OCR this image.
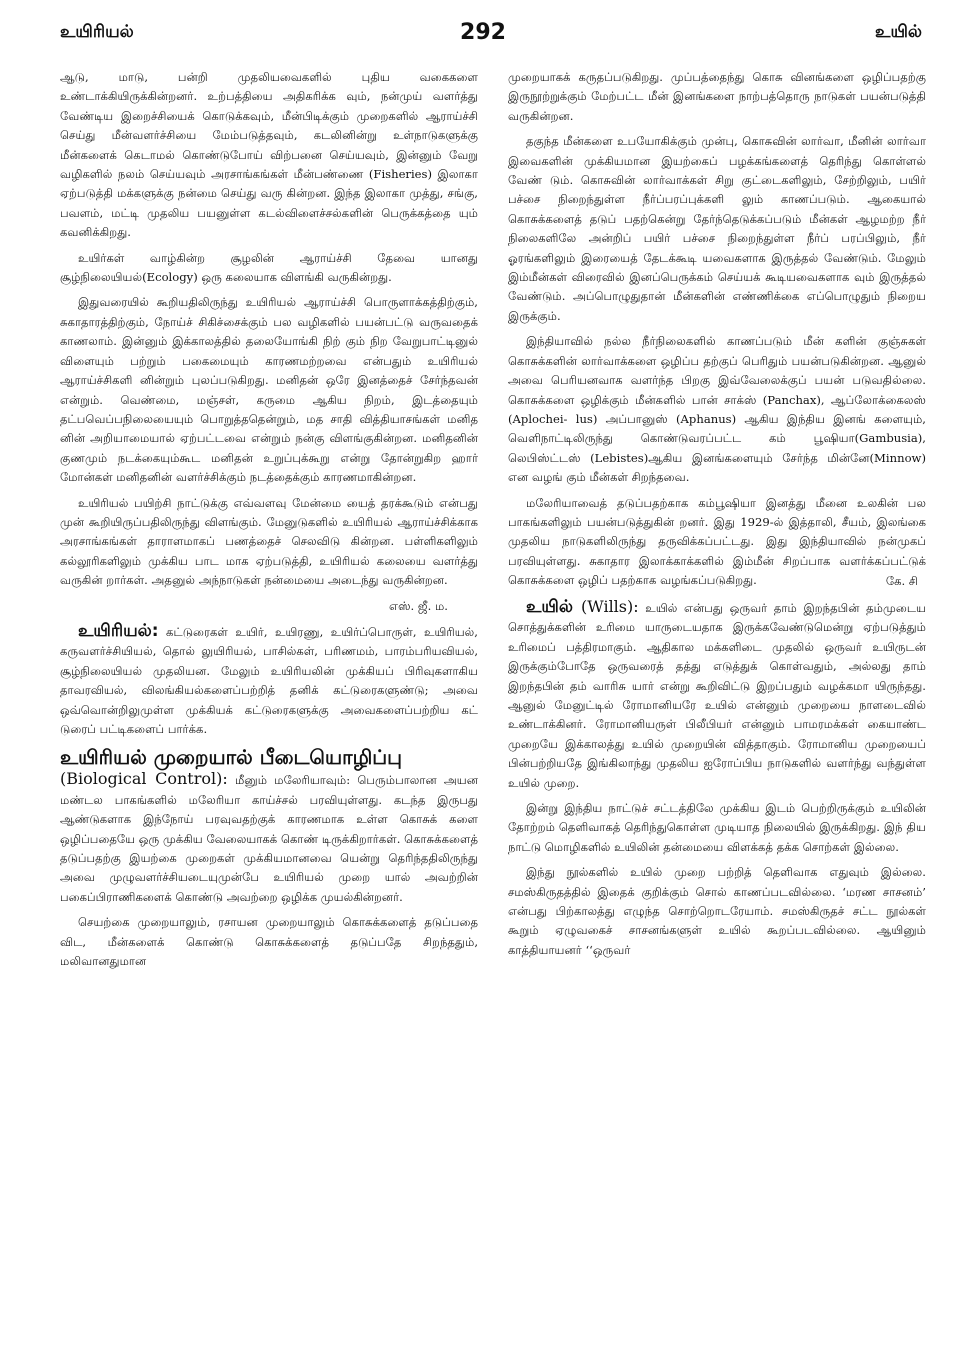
உயிரியல்	292	உயில்

ஆடு, மாடு, பன்றி முதலியவைகளில் புதிய வகைகளை உண்டாக்கியிருக்கின்றனர். உற்பத்தியை அதிகரிக்க வும், நன்முய் வளர்த்து வேண்டிய இறைச்சியைக் கொடுக்கவும், மீன்பிடிக்கும் முறைகளில் ஆராய்ச்சி செய்து மீன்வளர்ச்சியை மேம்படுத்தவும், கடலினின்று உள்நாடுகளுக்கு மீன்களைக் கெடாமல் கொண்டுபோய் விற்பனை செய்யவும், இன்னும் வேறு வழிகளில் நலம் செய்யவும் அரசாங்கங்கள் மீன்பண்ணை (Fisheries) இலாகா ஏற்படுத்தி மக்களுக்கு நன்மை செய்து வரு கின்றன. இந்த இலாகா முத்து, சங்கு, பவளம், மட்டி முதலிய பயனுள்ள கடல்விளைச்சல்களின் பெருக்கத்தை யும் கவனிக்கிறது.

உயிர்கள் வாழ்கின்ற சூழலின் ஆராய்ச்சி தேவை யானது சூழ்நிலையியல்(Ecology) ஒரு கலையாக விளங்கி வருகின்றது.

இதுவரையில் கூறியதிலிருந்து உயிரியல் ஆராய்ச்சி பொருளாக்கத்திற்கும், சுகாதாரத்திற்கும், நோய்ச் சிகிச்சைக்கும் பல வழிகளில் பயன்பட்டு வருவதைக் காணலாம். இன்னும் இக்காலத்தில் தலையோங்கி நிற் கும் நிற வேறுபாட்டினுல் விளையும் பற்றும் பகைமையும் காரணமற்றவை என்பதும் உயிரியல் ஆராய்ச்சிகளி னின்றும் புலப்படுகிறது. மனிதன் ஒரே இனத்தைச் சேர்ந்தவன் என்றும். வெண்மை, மஞ்சள், கருமை ஆகிய நிறம், இடத்தையும் தட்பவெப்பநிலையையும் பொறுத்ததென்றும், மத சாதி வித்தியாசங்கள் மனித னின் அறியாமையால் ஏற்பட்டவை என்றும் நன்கு விளங்குகின்றன. மனிதனின் குணமும் நடக்கையும்கூட மனிதன் உறுப்புக்கூறு என்று தோன்றுகிற ஹார் மோன்கள் மனிதனின் வளர்ச்சிக்கும் நடத்தைக்கும் காரணமாகின்றன.

உயிரியல் பயிற்சி நாட்டுக்கு எவ்வளவு மேன்மை யைத் தரக்கூடும் என்பது முன் கூறியிருப்பதிலிருந்து விளங்கும். மேனுடுகளில் உயிரியல் ஆராய்ச்சிக்காக அரசாங்கங்கள் தாராளமாகப் பணத்தைச் செலவிடு கின்றன. பள்ளிகளிலும் கல்லூரிகளிலும் முக்கிய பாட மாக ஏற்படுத்தி, உயிரியல் கலையை வளர்த்து வருகின் றார்கள். அதனுல் அந்நாடுகள் நன்மையை அடைந்து வருகின்றன.

எஸ். ஜீ. ம.

உயிரியல்: கட்டுரைகள் உயிர், உயிரணு, உயிர்ப்பொருள், உயிரியல், கருவளர்ச்சியியல், தொல் லுயிரியல், பாசில்கள், பரிணமம், பாரம்பரியவியல், சூழ்நிலையியல் முதலியன. மேலும் உயிரியலின் முக்கியப் பிரிவுகளாகிய தாவரவியல், விலங்கியல்களைப்பற்றித் தனிக் கட்டுரைகளுண்டு; அவை ஒவ்வொன்றிலுமுள்ள முக்கியக் கட்டுரைகளுக்கு அவைகளைப்பற்றிய கட் டுரைப் பட்டிகளைப் பார்க்க.

உயிரியல் முறையால் பீடையொழிப்பு
(Biological Control): மீனும் மலேரியாவும்: பெரும்பாலான அயன மண்டல பாகங்களில் மலேரியா காய்ச்சல் பரவியுள்ளது. கடந்த இருபது ஆண்டுகளாக இந்நோய் பரவுவதற்குக் காரணமாக உள்ள கொசுக் களை ஒழிப்பதையே ஒரு முக்கிய வேலையாகக் கொண் டிருக்கிறார்கள். கொசுக்களைத் தடுப்பதற்கு இயற்கை முறைகள் முக்கியமானவை யென்று தெரிந்ததிலிருந்து அவை முழுவளர்ச்சியடையுமுன்பே உயிரியல் முறை யால் அவற்றின் பகைப்பிராணிகளைக் கொண்டு அவற்றை ஒழிக்க முயல்கின்றனர்.

செயற்கை முறையாலும், ரசாயன முறையாலும் கொசுக்களைத் தடுப்பதை விட, மீன்களைக் கொண்டு கொசுக்களைத் தடுப்பதே சிறந்ததும், மலிவானதுமான

முறையாகக் கருதப்படுகிறது. முப்பத்தைந்து கொசு வினங்களை ஒழிப்பதற்கு இருநூற்றுக்கும் மேற்பட்ட மீன் இனங்களை நாற்பத்தொரு நாடுகள் பயன்படுத்தி வருகின்றன.

தகுந்த மீன்களை உபயோகிக்கும் முன்பு, கொசுவின் லார்வா, மீனின் லார்வா இவைகளின் முக்கியமான இயற்கைப் பழக்கங்களைத் தெரிந்து கொள்ளல் வேண் டும். கொசுவின் லார்வாக்கள் சிறு குட்டைகளிலும், சேற்றிலும், பயிர் பச்சை நிறைந்துள்ள நீர்ப்பரப்புக்களி லும் காணப்படும். ஆகையால் கொசுக்களைத் தடுப் பதற்கென்று தேர்ந்தெடுக்கப்படும் மீன்கள் ஆழமற்ற நீர் நிலைகளிலே அன்றிப் பயிர் பச்சை நிறைந்துள்ள நீர்ப் பரப்பிலும், நீர் ஓரங்களிலும் இரையைத் தேடக்கூடி யவைகளாக இருத்தல் வேண்டும். மேலும் இம்மீன்கள் விரைவில் இனப்பெருக்கம் செய்யக் கூடியவைகளாக வும் இருத்தல் வேண்டும். அப்பொழுதுதான் மீன்களின் எண்ணிக்கை எப்பொழுதும் நிறைய இருக்கும்.

இந்தியாவில் நல்ல நீர்நிலைகளில் காணப்படும் மீன் களின் குஞ்சுகள் கொசுக்களின் லார்வாக்களை ஒழிப்ப தற்குப் பெரிதும் பயன்படுகின்றன. ஆனுல் அவை பெரியனவாக வளர்ந்த பிறகு இவ்வேலைக்குப் பயன் படுவதில்லை. கொசுக்களை ஒழிக்கும் மீன்களில் பான் சாக்ஸ் (Panchax), ஆப்லோக்கைலஸ் (Aplochei- lus) அப்பானுஸ் (Aphanus) ஆகிய இந்திய இனங் களையும், வெளிநாட்டிலிருந்து கொண்டுவரப்பட்ட கம் பூஷியா(Gambusia), லெபிஸ்ட்டஸ் (Lebistes)ஆகிய இனங்களையும் சேர்ந்த மின்னே(Minnow) என வழங் கும் மீன்கள் சிறந்தவை.

மலேரியாவைத் தடுப்பதற்காக கம்பூஷியா இனத்து மீனை உலகின் பல பாகங்களிலும் பயன்படுத்துகின் றனர். இது 1929-ல் இத்தாலி, சீயம், இலங்கை முதலிய நாடுகளிலிருந்து தருவிக்கப்பட்டது. இது இந்தியாவில் நன்முகப் பரவியுள்ளது. சுகாதார இலாக்காக்களில் இம்மீன் சிறப்பாக வளர்க்கப்பட்டுக் கொசுக்களை ஒழிப் பதற்காக வழங்கப்படுகிறது.	கே. சி

உயில் (Wills): உயில் என்பது ஒருவர் தாம் இறந்தபின் தம்முடைய சொத்துக்களின் உரிமை யாருடையதாக இருக்கவேண்டுமென்று ஏற்படுத்தும் உரிமைப் பத்திரமாகும். ஆதிகால மக்களிடை முதலில் ஒருவர் உயிருடன் இருக்கும்போதே ஒருவரைத் தத்து எடுத்துக் கொள்வதும், அல்லது தாம் இறந்தபின் தம் வாரிசு யார் என்று கூறிவிட்டு இறப்பதும் வழக்கமா யிருந்தது. ஆனுல் மேனுட்டில் ரோமானியரே உயில் என்னும் முறையை நாளடைவில் உண்டாக்கினர். ரோமானியருள் பிலீபியர் என்னும் பாமரமக்கள் கையாண்ட முறையே இக்காலத்து உயில் முறையின் வித்தாகும். ரோமானிய முறையைப் பின்பற்றியதே இங்கிலாந்து முதலிய ஐரோப்பிய நாடுகளில் வளர்ந்து வந்துள்ள உயில் முறை.

இன்று இந்திய நாட்டுச் சட்டத்திலே முக்கிய இடம் பெற்றிருக்கும் உயிலின் தோற்றம் தெளிவாகத் தெரிந்துகொள்ள முடியாத நிலையில் இருக்கிறது. இந் திய நாட்டு மொழிகளில் உயிலின் தன்மையை விளக்கத் தக்க சொற்கள் இல்லை.

இந்து நூல்களில் உயில் முறை பற்றித் தெளிவாக எதுவும் இல்லை. சமஸ்கிருதத்தில் இதைக் குறிக்கும் சொல் காணப்படவில்லை. ‘மரண சாசனம்’ என்பது பிற்காலத்து எழுந்த சொற்றொடரேயாம். சமஸ்கிருதச் சட்ட நூல்கள் கூறும் ஏழுவகைச் சாசனங்களுள் உயில் கூறப்படவில்லை. ஆயினும் காத்தியாயனர் ‘‘ஒருவர்
